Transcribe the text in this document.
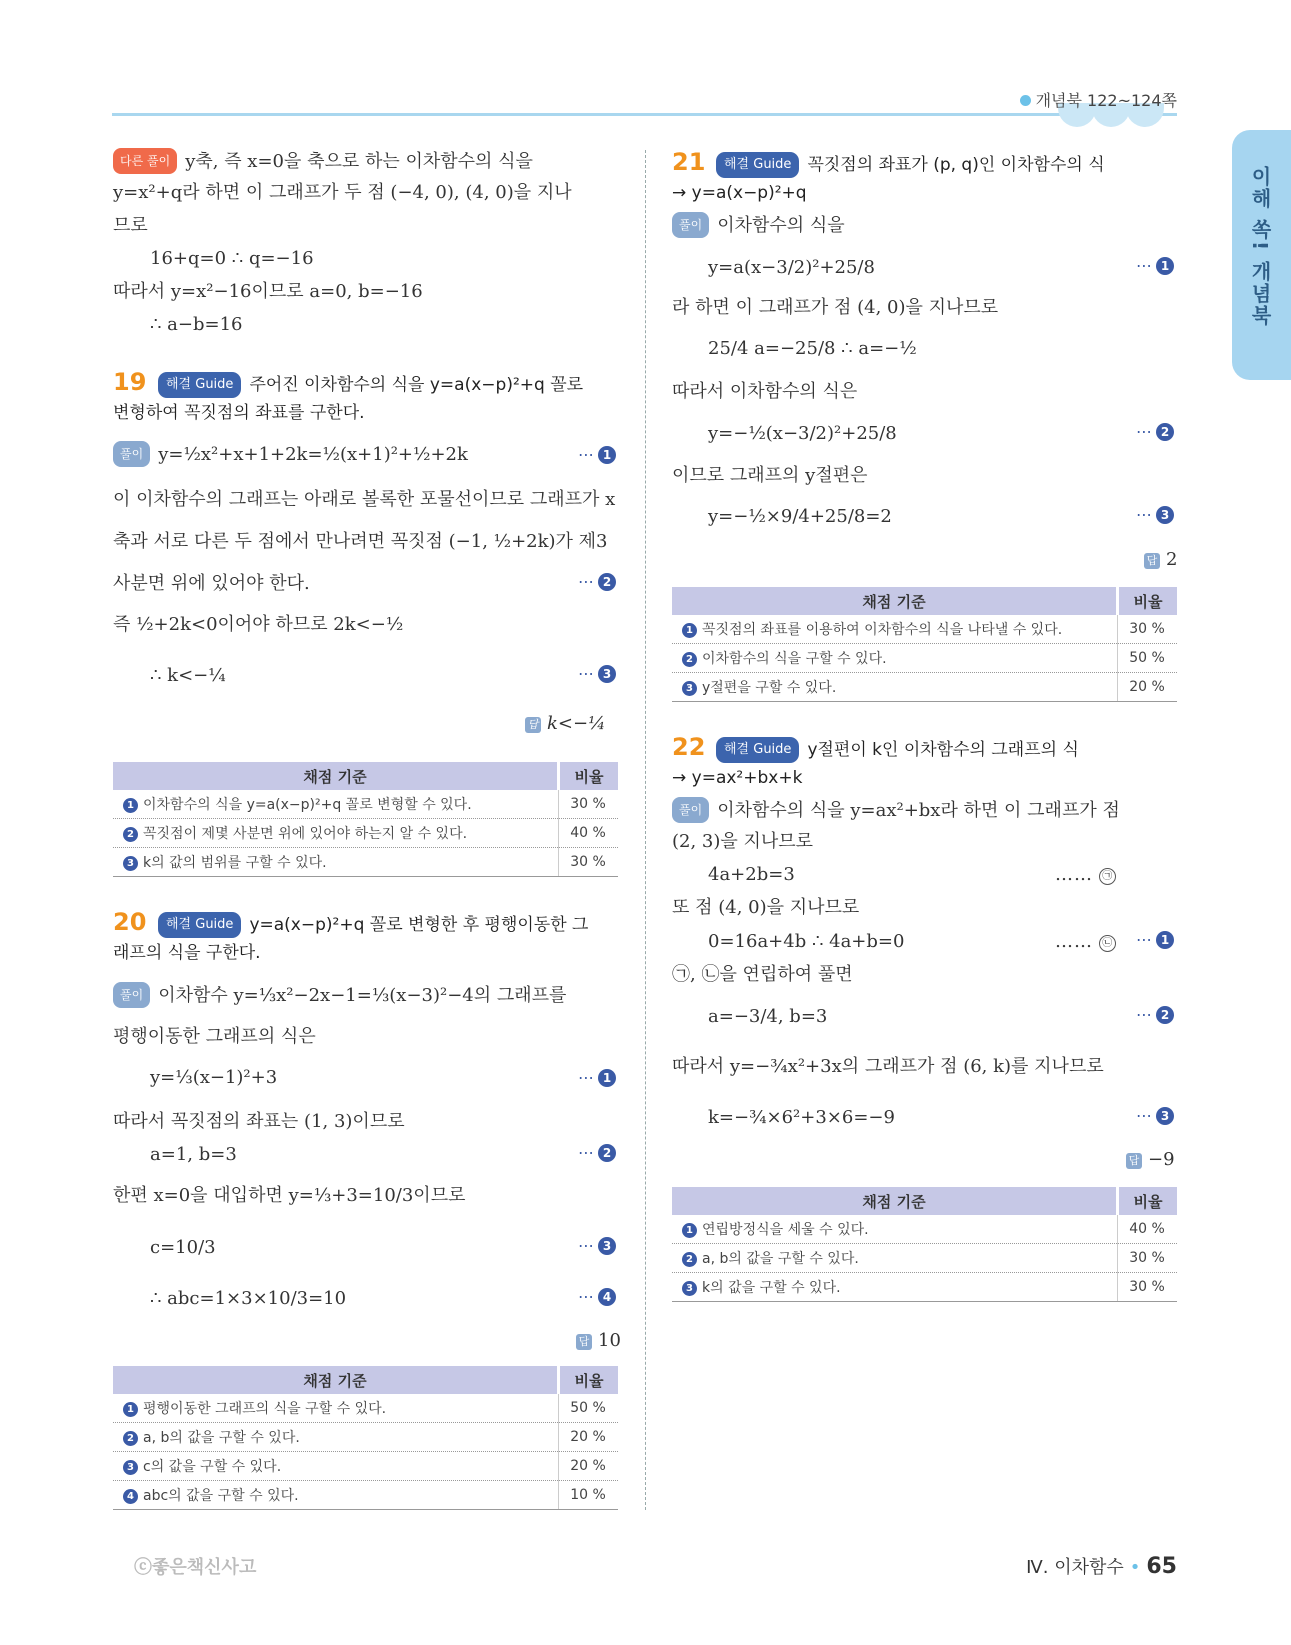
개념북 122~124쪽
이해 쏙! 개념북
다른 풀이 y축, 즉 x=0을 축으로 하는 이차함수의 식을
y=x²+q라 하면 이 그래프가 두 점 (−4, 0), (4, 0)을 지나
므로
16+q=0 ∴ q=−16
따라서 y=x²−16이므로 a=0, b=−16
∴ a−b=16
19	해결 Guide 주어진 이차함수의 식을 y=a(x−p)²+q 꼴로
변형하여 꼭짓점의 좌표를 구한다.
풀이 y=½x²+x+1+2k=½(x+1)²+½+2k	⋯ 1
이 이차함수의 그래프는 아래로 볼록한 포물선이므로 그래프가 x
축과 서로 다른 두 점에서 만나려면 꼭짓점 (−1, ½+2k)가 제3
사분면 위에 있어야 한다.	⋯ 2
즉 ½+2k<0이어야 하므로 2k<−½
∴ k<−¼	⋯ 3
답 k<−¼
채점 기준	비율
1 이차함수의 식을 y=a(x−p)²+q 꼴로 변형할 수 있다.	30 %
2 꼭짓점이 제몇 사분면 위에 있어야 하는지 알 수 있다.	40 %
3 k의 값의 범위를 구할 수 있다.	30 %
20	해결 Guide y=a(x−p)²+q 꼴로 변형한 후 평행이동한 그
래프의 식을 구한다.
풀이 이차함수 y=⅓x²−2x−1=⅓(x−3)²−4의 그래프를
평행이동한 그래프의 식은
y=⅓(x−1)²+3	⋯ 1
따라서 꼭짓점의 좌표는 (1, 3)이므로
a=1, b=3	⋯ 2
한편 x=0을 대입하면 y=⅓+3=10/3이므로
c=10/3	⋯ 3
∴ abc=1×3×10/3=10	⋯ 4
답 10
채점 기준	비율
1 평행이동한 그래프의 식을 구할 수 있다.	50 %
2 a, b의 값을 구할 수 있다.	20 %
3 c의 값을 구할 수 있다.	20 %
4 abc의 값을 구할 수 있다.	10 %
21	해결 Guide 꼭짓점의 좌표가 (p, q)인 이차함수의 식
→ y=a(x−p)²+q
풀이 이차함수의 식을
y=a(x−3/2)²+25/8	⋯ 1
라 하면 이 그래프가 점 (4, 0)을 지나므로
25/4 a=−25/8 ∴ a=−½
따라서 이차함수의 식은
y=−½(x−3/2)²+25/8	⋯ 2
이므로 그래프의 y절편은
y=−½×9/4+25/8=2	⋯ 3
답 2
채점 기준	비율
1 꼭짓점의 좌표를 이용하여 이차함수의 식을 나타낼 수 있다.	30 %
2 이차함수의 식을 구할 수 있다.	50 %
3 y절편을 구할 수 있다.	20 %
22	해결 Guide y절편이 k인 이차함수의 그래프의 식
→ y=ax²+bx+k
풀이 이차함수의 식을 y=ax²+bx라 하면 이 그래프가 점
(2, 3)을 지나므로
4a+2b=3	…… ㉠
또 점 (4, 0)을 지나므로
0=16a+4b ∴ 4a+b=0	…… ㉡ ⋯ 1
㉠, ㉡을 연립하여 풀면
a=−3/4, b=3	⋯ 2
따라서 y=−¾x²+3x의 그래프가 점 (6, k)를 지나므로
k=−¾×6²+3×6=−9	⋯ 3
답 −9
채점 기준	비율
1 연립방정식을 세울 수 있다.	40 %
2 a, b의 값을 구할 수 있다.	30 %
3 k의 값을 구할 수 있다.	30 %
ⓒ좋은책신사고	Ⅳ. 이차함수 • 65
